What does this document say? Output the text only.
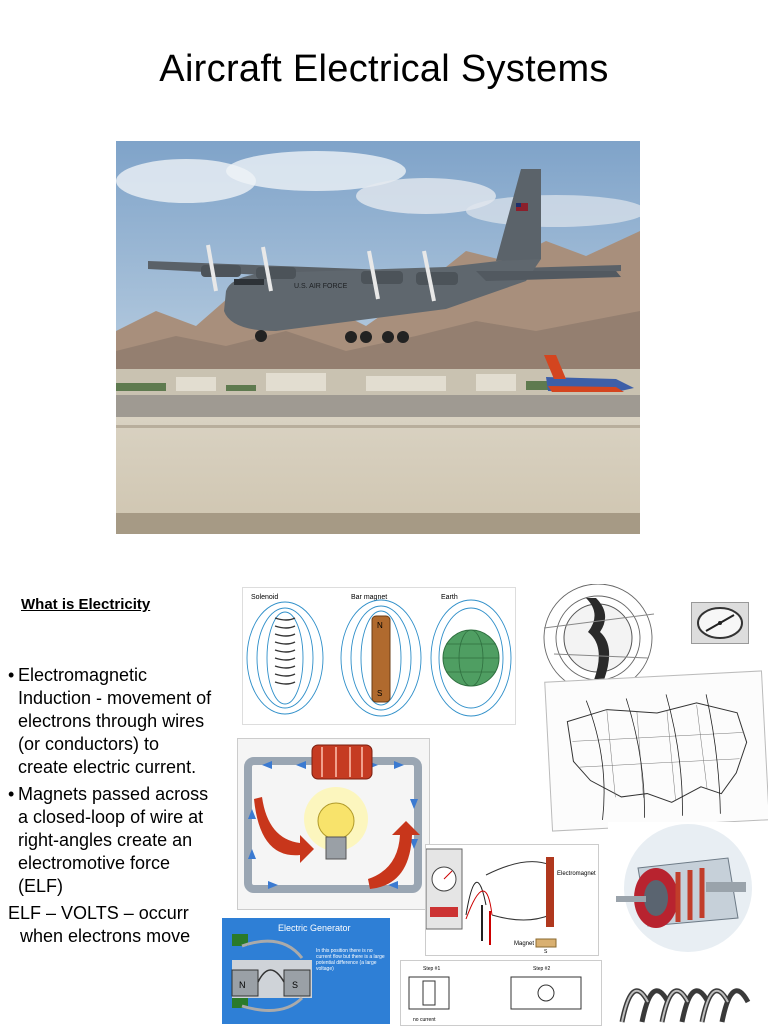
Aircraft Electrical Systems
U.S. AIR FORCE
What is Electricity
• Electromagnetic Induction - movement of electrons through wires (or conductors) to create electric current.
• Magnets passed across a closed-loop of wire at right-angles create an electromotive force (ELF)
ELF – VOLTS – occurr
when electrons move
Solenoid	Bar magnet	Earth
N
S
Electromagnet
Magnet
S
Electric Generator
N	S
In this position there is no current flow but there is a large potential difference (a large voltage)	Step #1	Step #2
no current
